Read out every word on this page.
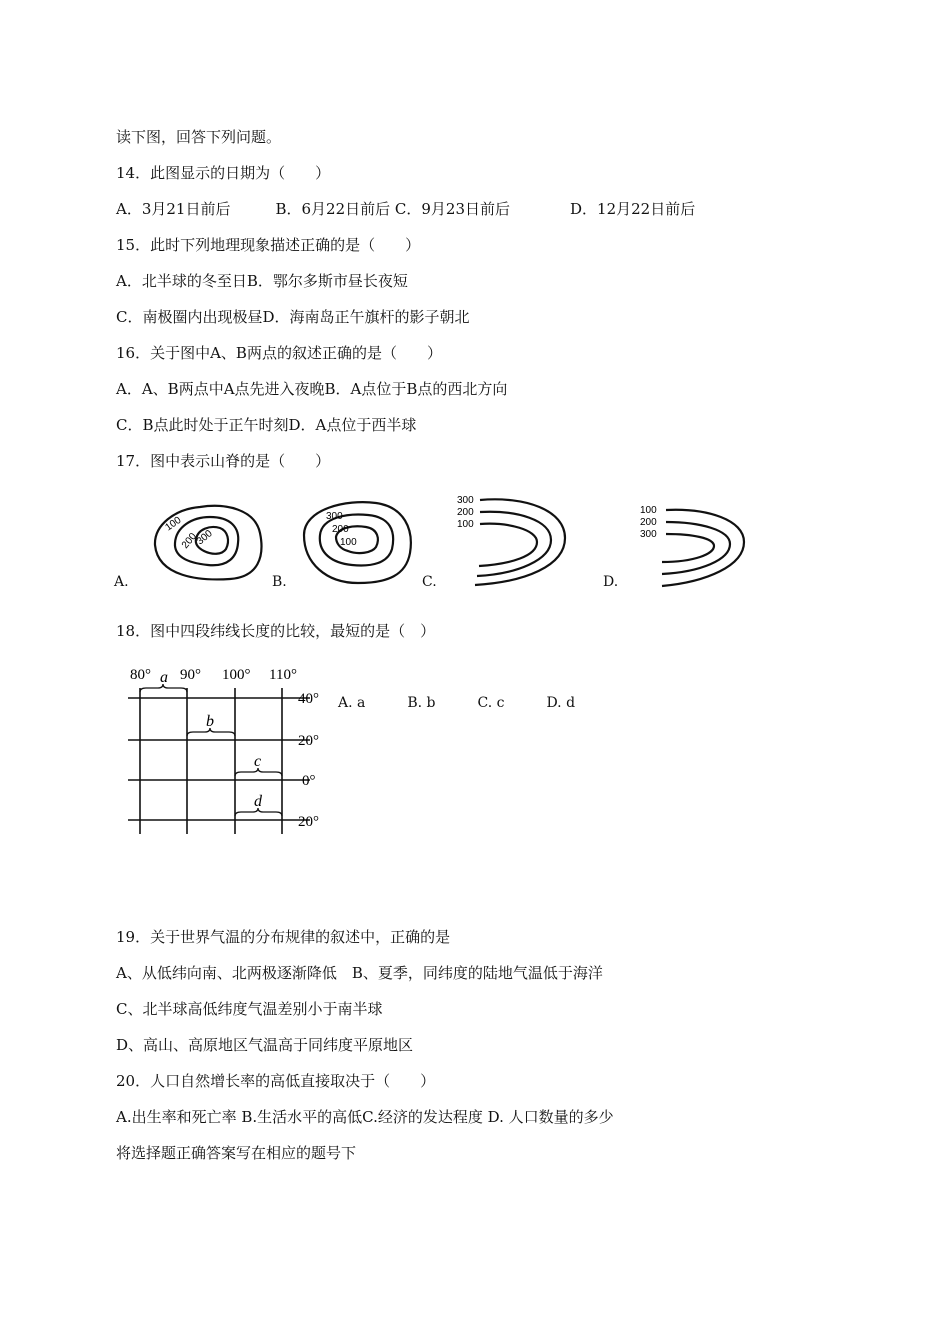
读下图，回答下列问题。
14．此图显示的日期为（　　）
A．3月21日前后　　　B．6月22日前后 C．9月23日前后　　　　D．12月22日前后
15．此时下列地理现象描述正确的是（　　）
A．北半球的冬至日B．鄂尔多斯市昼长夜短
C．南极圈内出现极昼D．海南岛正午旗杆的影子朝北
16．关于图中A、B两点的叙述正确的是（　　）
A．A、B两点中A点先进入夜晚B．A点位于B点的西北方向
C．B点此时处于正午时刻D．A点位于西半球
17．图中表示山脊的是（　　）
A.	B.	C.	D.
100
200
300
300
200
100
300
200
100
100
200
300
18．图中四段纬线长度的比较，最短的是（　）
80° 90° 100° 110°
40°
20°
0°
20°
a
b
c
d
A. a　　　B. b　　　C. c　　　D. d
19．关于世界气温的分布规律的叙述中，正确的是
A、从低纬向南、北两极逐渐降低　B、夏季，同纬度的陆地气温低于海洋
C、北半球高低纬度气温差别小于南半球
D、高山、高原地区气温高于同纬度平原地区
20．人口自然增长率的高低直接取决于（　　）
A.出生率和死亡率 B.生活水平的高低C.经济的发达程度 D. 人口数量的多少
将选择题正确答案写在相应的题号下
